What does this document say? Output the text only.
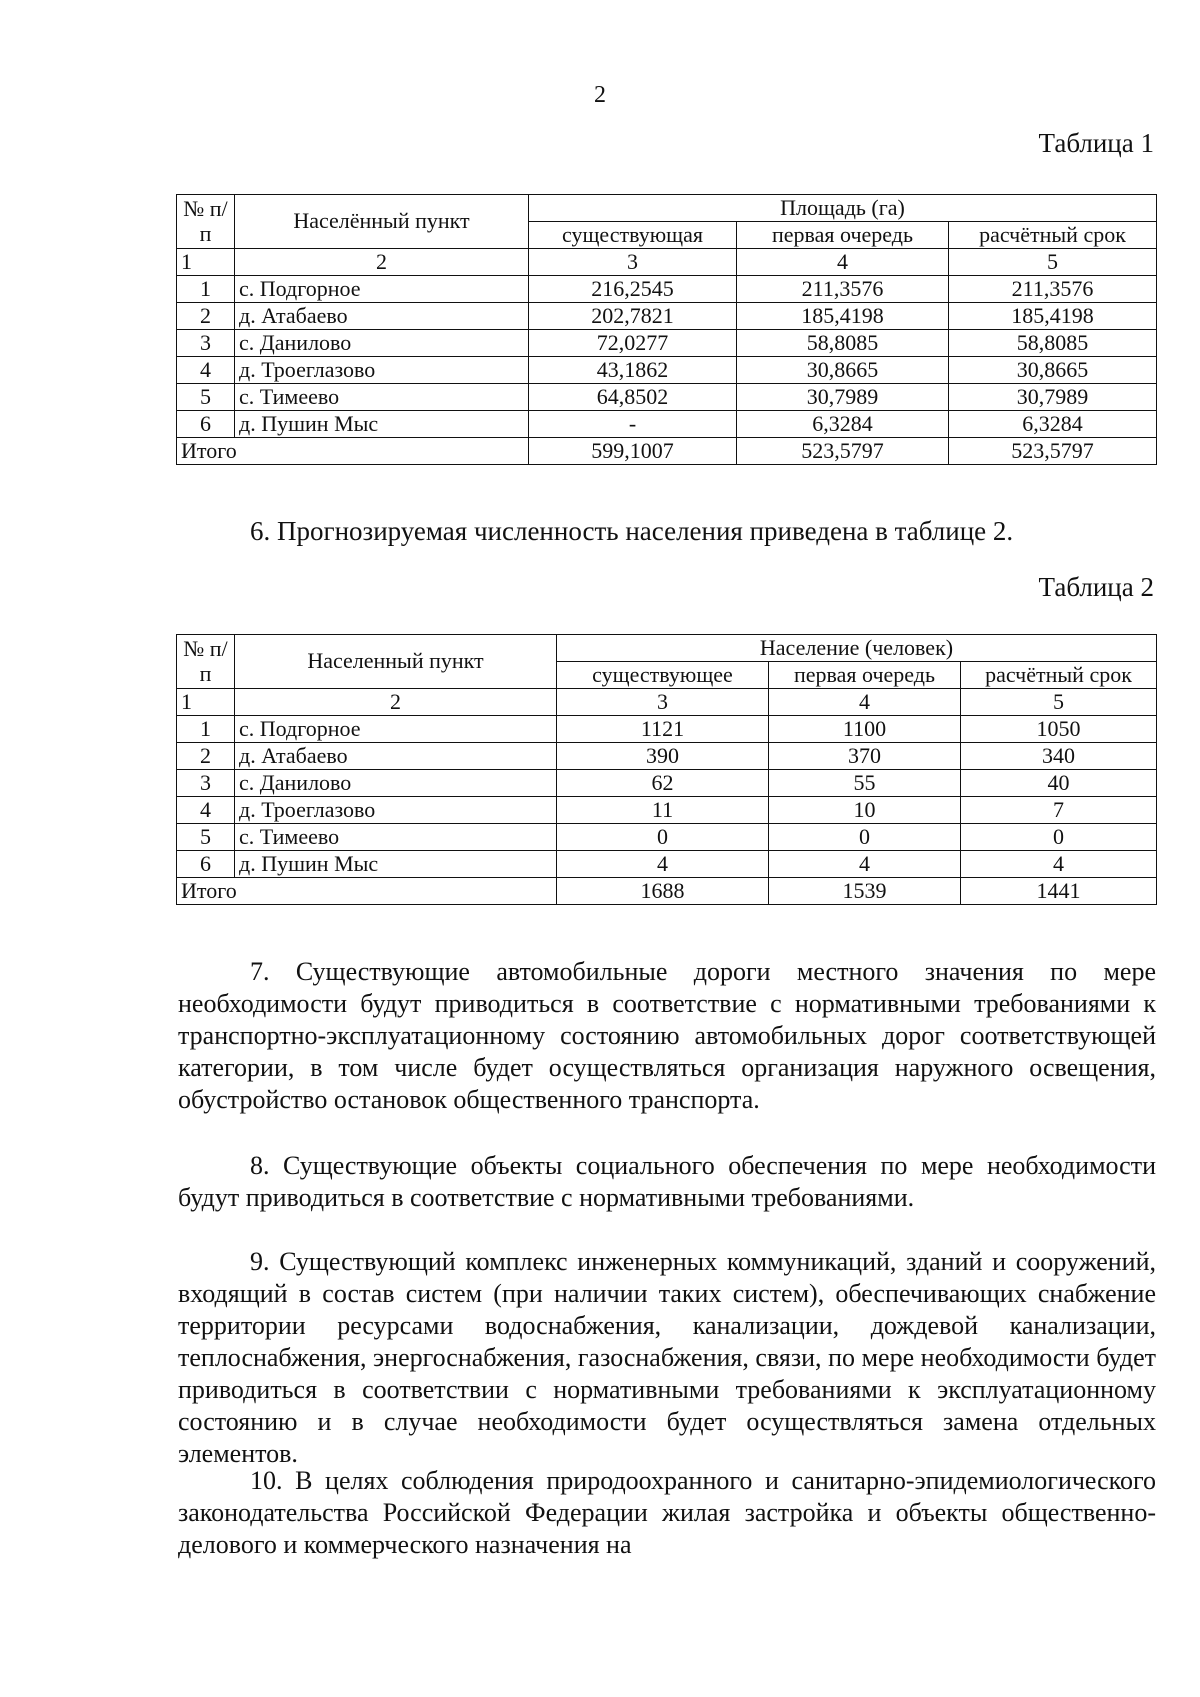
2
Таблица 1
№ п/п	Населённый пункт	Площадь (га)		
		существующая	первая очередь	расчётный срок
1	2	3	4	5
1	с. Подгорное	216,2545	211,3576	211,3576
2	д. Атабаево	202,7821	185,4198	185,4198
3	с. Данилово	72,0277	58,8085	58,8085
4	д. Троеглазово	43,1862	30,8665	30,8665
5	с. Тимеево	64,8502	30,7989	30,7989
6	д. Пушин Мыс	-	6,3284	6,3284
Итого		599,1007	523,5797	523,5797

6. Прогнозируемая численность населения приведена в таблице 2.

Таблица 2
№ п/п	Населенный пункт	Население (человек)		
		существующее	первая очередь	расчётный срок
1	2	3	4	5
1	с. Подгорное	1121	1100	1050
2	д. Атабаево	390	370	340
3	с. Данилово	62	55	40
4	д. Троеглазово	11	10	7
5	с. Тимеево	0	0	0
6	д. Пушин Мыс	4	4	4
Итого		1688	1539	1441

7. Существующие автомобильные дороги местного значения по мере необходимости будут приводиться в соответствие с нормативными требованиями к транспортно-эксплуатационному состоянию автомобильных дорог соответствующей категории, в том числе будет осуществляться организация наружного освещения, обустройство остановок общественного транспорта.

8. Существующие объекты социального обеспечения по мере необходимости будут приводиться в соответствие с нормативными требованиями.

9. Существующий комплекс инженерных коммуникаций, зданий и сооружений, входящий в состав систем (при наличии таких систем), обеспечивающих снабжение территории ресурсами водоснабжения, канализации, дождевой канализации, теплоснабжения, энергоснабжения, газоснабжения, связи, по мере необходимости будет приводиться в соответствии с нормативными требованиями к эксплуатационному состоянию и в случае необходимости будет осуществляться замена отдельных элементов.

10. В целях соблюдения природоохранного и санитарно-эпидемиологического законодательства Российской Федерации жилая застройка и объекты общественно-делового и коммерческого назначения на
